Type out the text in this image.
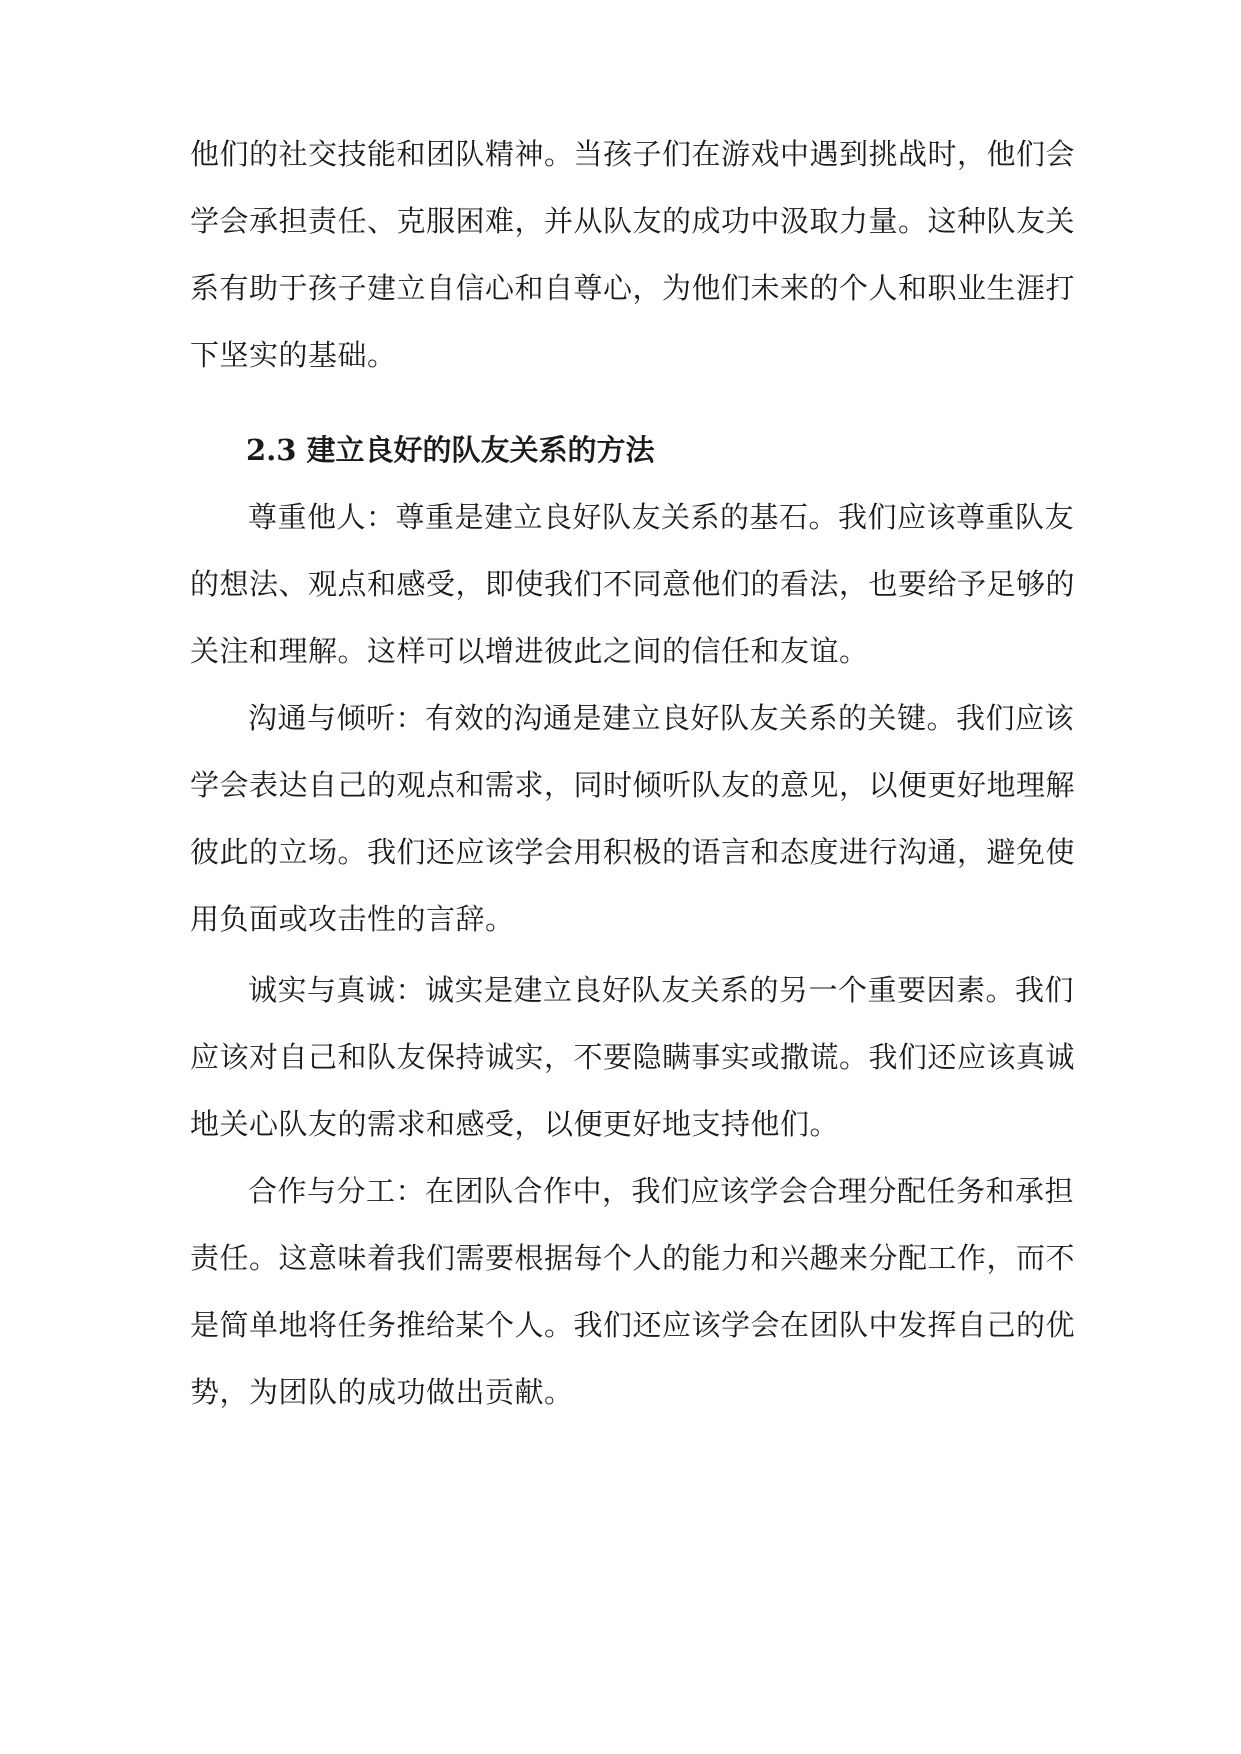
他们的社交技能和团队精神。当孩子们在游戏中遇到挑战时，他们会
学会承担责任、克服困难，并从队友的成功中汲取力量。这种队友关
系有助于孩子建立自信心和自尊心，为他们未来的个人和职业生涯打
下坚实的基础。
2.3 建立良好的队友关系的方法
尊重他人：尊重是建立良好队友关系的基石。我们应该尊重队友
的想法、观点和感受，即使我们不同意他们的看法，也要给予足够的
关注和理解。这样可以增进彼此之间的信任和友谊。
沟通与倾听：有效的沟通是建立良好队友关系的关键。我们应该
学会表达自己的观点和需求，同时倾听队友的意见，以便更好地理解
彼此的立场。我们还应该学会用积极的语言和态度进行沟通，避免使
用负面或攻击性的言辞。
诚实与真诚：诚实是建立良好队友关系的另一个重要因素。我们
应该对自己和队友保持诚实，不要隐瞒事实或撒谎。我们还应该真诚
地关心队友的需求和感受，以便更好地支持他们。
合作与分工：在团队合作中，我们应该学会合理分配任务和承担
责任。这意味着我们需要根据每个人的能力和兴趣来分配工作，而不
是简单地将任务推给某个人。我们还应该学会在团队中发挥自己的优
势，为团队的成功做出贡献。
